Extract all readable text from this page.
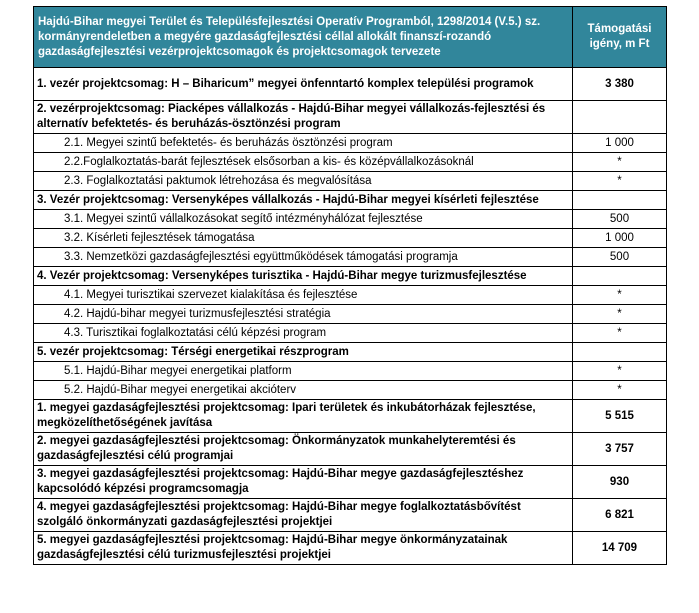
Hajdú-Bihar megyei Terület és Településfejlesztési Operatív Programból, 1298/2014 (V.5.) sz. kormányrendeletben a megyére gazdaságfejlesztési céllal allokált finanszí-rozandó gazdaságfejlesztési vezérprojektcsomagok és projektcsomagok tervezete	Támogatási igény, m Ft
1. vezér projektcsomag: H – Biharicum” megyei önfenntartó komplex települési programok	3 380
2. vezérprojektcsomag: Piacképes vállalkozás - Hajdú-Bihar megyei vállalkozás-fejlesztési és alternatív befektetés- és beruházás-ösztönzési program	
2.1. Megyei szintű befektetés- és beruházás ösztönzési program	1 000
2.2.Foglalkoztatás-barát fejlesztések elsősorban a kis- és középvállalkozásoknál	*
2.3. Foglalkoztatási paktumok létrehozása és megvalósítása	*
3. Vezér projektcsomag: Versenyképes vállalkozás - Hajdú-Bihar megyei kísérleti fejlesztése	
3.1. Megyei szintű vállalkozásokat segítő intézményhálózat fejlesztése	500
3.2. Kísérleti fejlesztések támogatása	1 000
3.3. Nemzetközi gazdaságfejlesztési együttműködések támogatási programja	500
4. Vezér projektcsomag: Versenyképes turisztika - Hajdú-Bihar megye turizmusfejlesztése	
4.1. Megyei turisztikai szervezet kialakítása és fejlesztése	*
4.2. Hajdú-bihar megyei turizmusfejlesztési stratégia	*
4.3. Turisztikai foglalkoztatási célú képzési program	*
5. vezér projektcsomag: Térségi energetikai részprogram	
5.1. Hajdú-Bihar megyei energetikai platform	*
5.2. Hajdú-Bihar megyei energetikai akcióterv	*
1. megyei gazdaságfejlesztési projektcsomag: Ipari területek és inkubátorházak fejlesztése, megközelíthetőségének javítása	5 515
2. megyei gazdaságfejlesztési projektcsomag: Önkormányzatok munkahelyteremtési és gazdaságfejlesztési célú programjai	3 757
3. megyei gazdaságfejlesztési projektcsomag: Hajdú-Bihar megye gazdaságfejlesztéshez kapcsolódó képzési programcsomagja	930
4. megyei gazdaságfejlesztési projektcsomag: Hajdú-Bihar megye foglalkoztatásbővítést szolgáló önkormányzati gazdaságfejlesztési projektjei	6 821
5. megyei gazdaságfejlesztési projektcsomag: Hajdú-Bihar megye önkormányzatainak gazdaságfejlesztési célú turizmusfejlesztési projektjei	14 709
